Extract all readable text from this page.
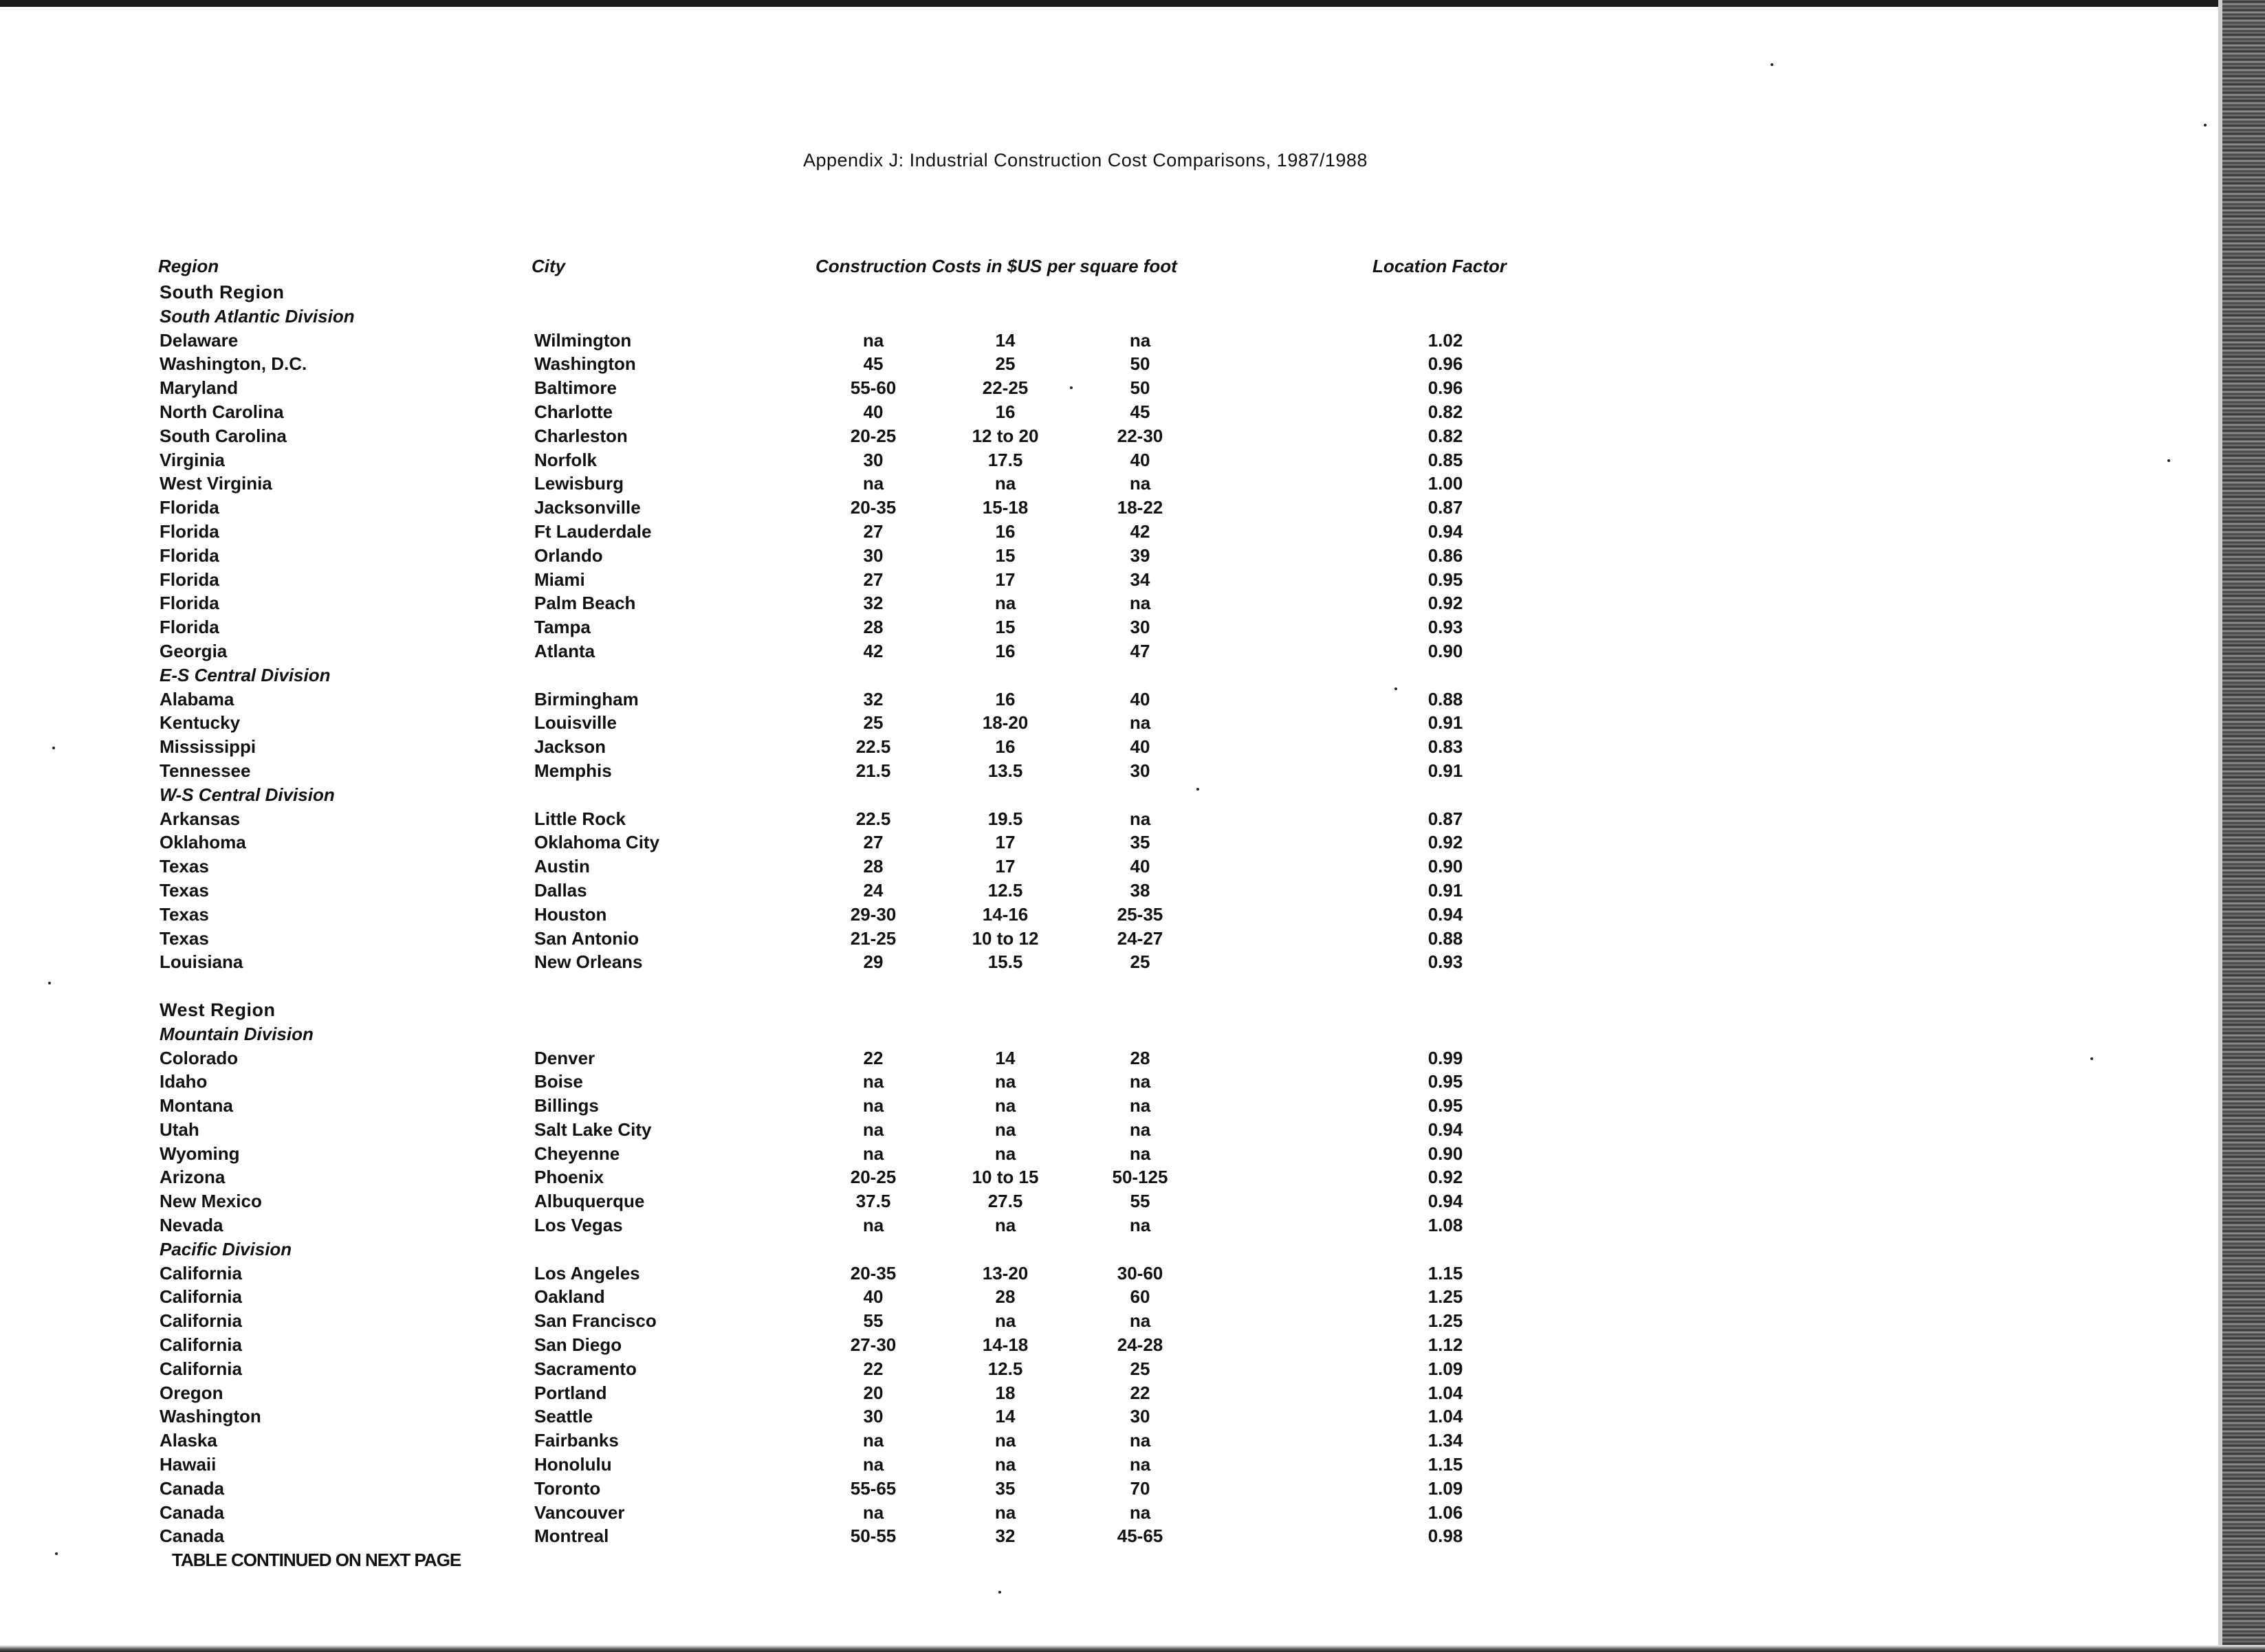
Appendix J: Industrial Construction Cost Comparisons, 1987/1988
Region	City	Construction Costs in $US per square foot	Location Factor
South Region
South Atlantic Division
Delaware	Wilmington	na	14	na	1.02
Washington, D.C.	Washington	45	25	50	0.96
Maryland	Baltimore	55-60	22-25	50	0.96
North Carolina	Charlotte	40	16	45	0.82
South Carolina	Charleston	20-25	12 to 20	22-30	0.82
Virginia	Norfolk	30	17.5	40	0.85
West Virginia	Lewisburg	na	na	na	1.00
Florida	Jacksonville	20-35	15-18	18-22	0.87
Florida	Ft Lauderdale	27	16	42	0.94
Florida	Orlando	30	15	39	0.86
Florida	Miami	27	17	34	0.95
Florida	Palm Beach	32	na	na	0.92
Florida	Tampa	28	15	30	0.93
Georgia	Atlanta	42	16	47	0.90
E-S Central Division
Alabama	Birmingham	32	16	40	0.88
Kentucky	Louisville	25	18-20	na	0.91
Mississippi	Jackson	22.5	16	40	0.83
Tennessee	Memphis	21.5	13.5	30	0.91
W-S Central Division
Arkansas	Little Rock	22.5	19.5	na	0.87
Oklahoma	Oklahoma City	27	17	35	0.92
Texas	Austin	28	17	40	0.90
Texas	Dallas	24	12.5	38	0.91
Texas	Houston	29-30	14-16	25-35	0.94
Texas	San Antonio	21-25	10 to 12	24-27	0.88
Louisiana	New Orleans	29	15.5	25	0.93
West Region
Mountain Division
Colorado	Denver	22	14	28	0.99
Idaho	Boise	na	na	na	0.95
Montana	Billings	na	na	na	0.95
Utah	Salt Lake City	na	na	na	0.94
Wyoming	Cheyenne	na	na	na	0.90
Arizona	Phoenix	20-25	10 to 15	50-125	0.92
New Mexico	Albuquerque	37.5	27.5	55	0.94
Nevada	Los Vegas	na	na	na	1.08
Pacific Division
California	Los Angeles	20-35	13-20	30-60	1.15
California	Oakland	40	28	60	1.25
California	San Francisco	55	na	na	1.25
California	San Diego	27-30	14-18	24-28	1.12
California	Sacramento	22	12.5	25	1.09
Oregon	Portland	20	18	22	1.04
Washington	Seattle	30	14	30	1.04
Alaska	Fairbanks	na	na	na	1.34
Hawaii	Honolulu	na	na	na	1.15
Canada	Toronto	55-65	35	70	1.09
Canada	Vancouver	na	na	na	1.06
Canada	Montreal	50-55	32	45-65	0.98
TABLE CONTINUED ON NEXT PAGE
